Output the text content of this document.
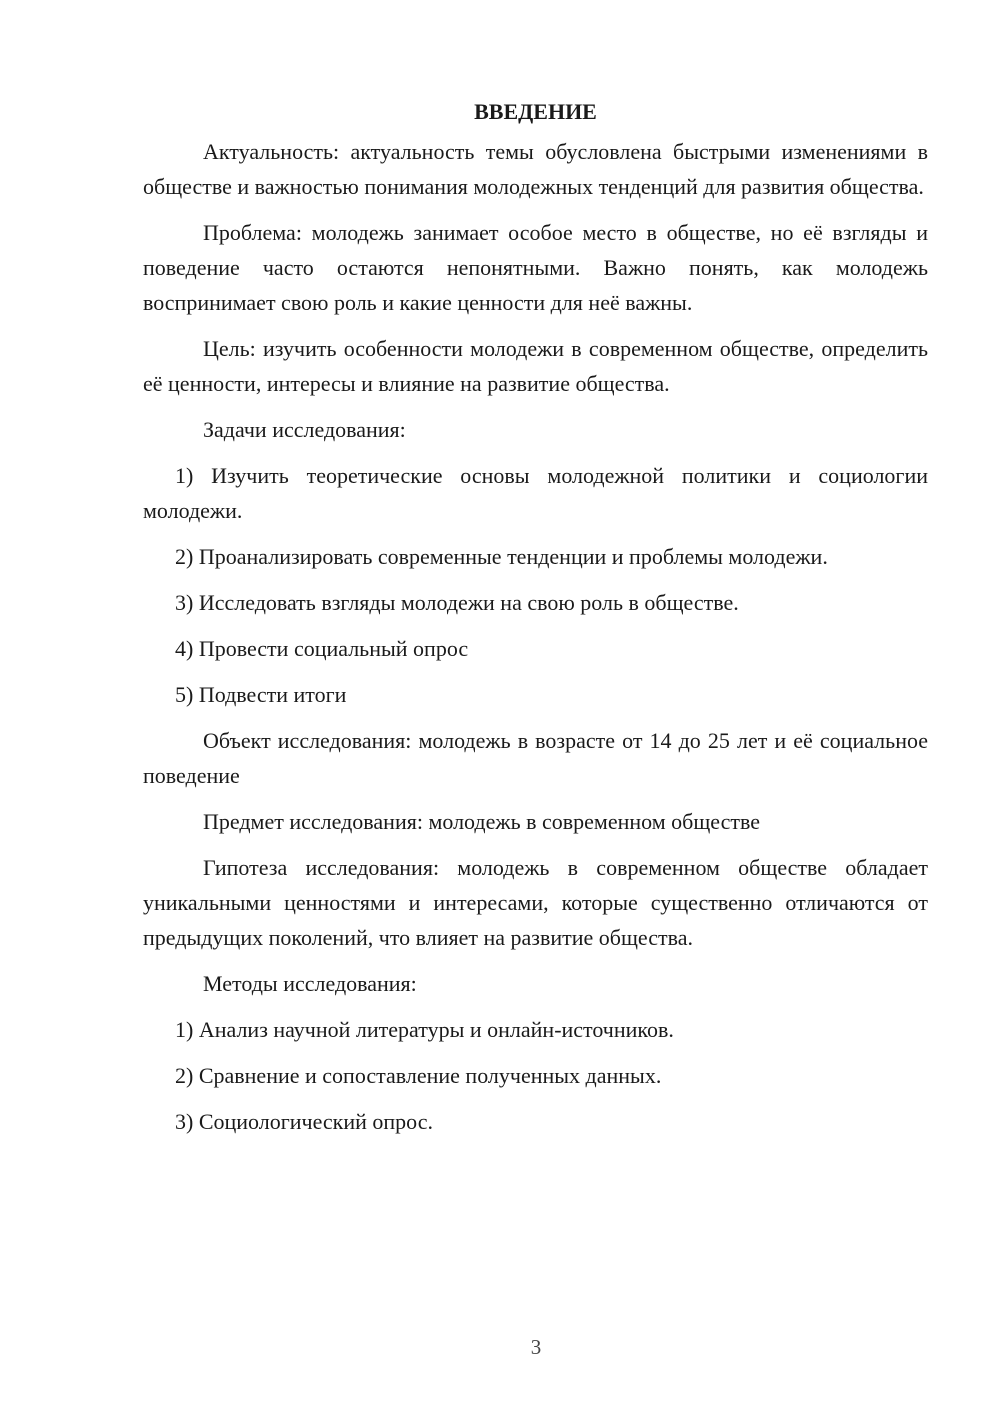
ВВЕДЕНИЕ

Актуальность: актуальность темы обусловлена быстрыми изменениями в обществе и важностью понимания молодежных тенденций для развития общества.

Проблема: молодежь занимает особое место в обществе, но её взгляды и поведение часто остаются непонятными. Важно понять, как молодежь воспринимает свою роль и какие ценности для неё важны.

Цель: изучить особенности молодежи в современном обществе, определить её ценности, интересы и влияние на развитие общества.

Задачи исследования:

1) Изучить теоретические основы молодежной политики и социологии молодежи.

2) Проанализировать современные тенденции и проблемы молодежи.

3) Исследовать взгляды молодежи на свою роль в обществе.

4) Провести социальный опрос

5) Подвести итоги

Объект исследования: молодежь в возрасте от 14 до 25 лет и её социальное поведение

Предмет исследования: молодежь в современном обществе

Гипотеза исследования: молодежь в современном обществе обладает уникальными ценностями и интересами, которые существенно отличаются от предыдущих поколений, что влияет на развитие общества.

Методы исследования:

1) Анализ научной литературы и онлайн-источников.

2) Сравнение и сопоставление полученных данных.

3) Социологический опрос.

3
